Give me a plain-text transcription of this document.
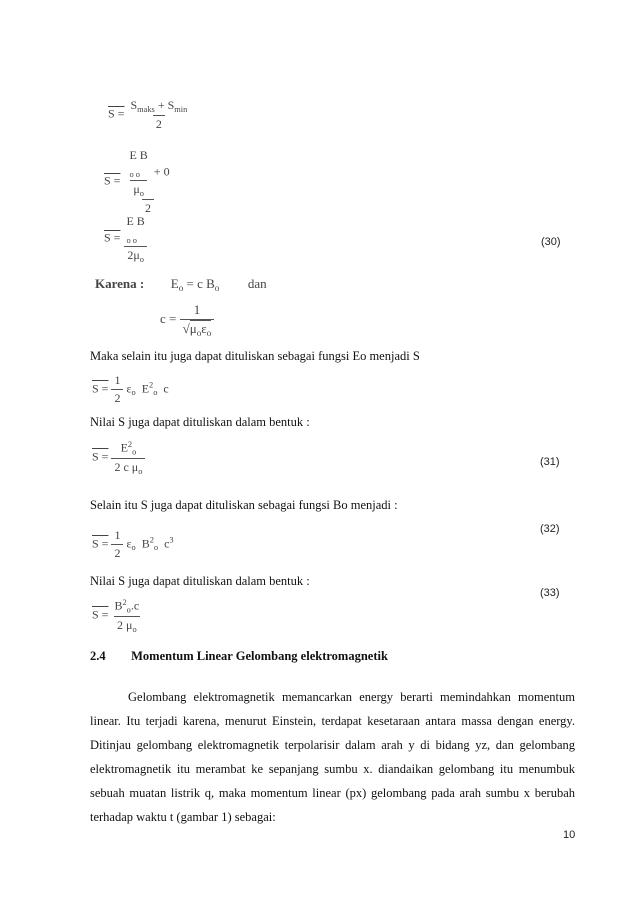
$S = \frac{S_{maks} + S_{min}}{2}$
S =
E B
$_{o o}$
$\mu_o$
+ 0
2
S =
E B
$_{o o}$
$2\mu_o$
(30)
Karena : $E_o = c$ $B_o$ dan
$c = \frac{1}{√\mu_o\varepsilon_o}$
Maka selain itu juga dapat dituliskan sebagai fungsi Eo menjadi S
$S = \frac{1}{2} \varepsilon_o$ $E^2_o$ c
Nilai S juga dapat dituliskan dalam bentuk :
$S = \frac{E^2_o}{2 c \mu_o}$	(31)
Selain itu S juga dapat dituliskan sebagai fungsi Bo menjadi :
(32)
$S = \frac{1}{2} \varepsilon_o$ $B^2_o$ $c^3$
Nilai S juga dapat dituliskan dalam bentuk :
(33)
$S = \frac{B^2_o.c}{2 \mu_o}$
2.4 Momentum Linear Gelombang elektromagnetik
Gelombang elektromagnetik memancarkan energy berarti memindahkan momentum linear. Itu terjadi karena, menurut Einstein, terdapat kesetaraan antara massa dengan energy. Ditinjau gelombang elektromagnetik terpolarisir dalam arah y di bidang yz, dan gelombang elektromagnetik itu merambat ke sepanjang sumbu x. diandaikan gelombang itu menumbuk sebuah muatan listrik q, maka momentum linear (px) gelombang pada arah sumbu x berubah terhadap waktu t (gambar 1) sebagai:
10
